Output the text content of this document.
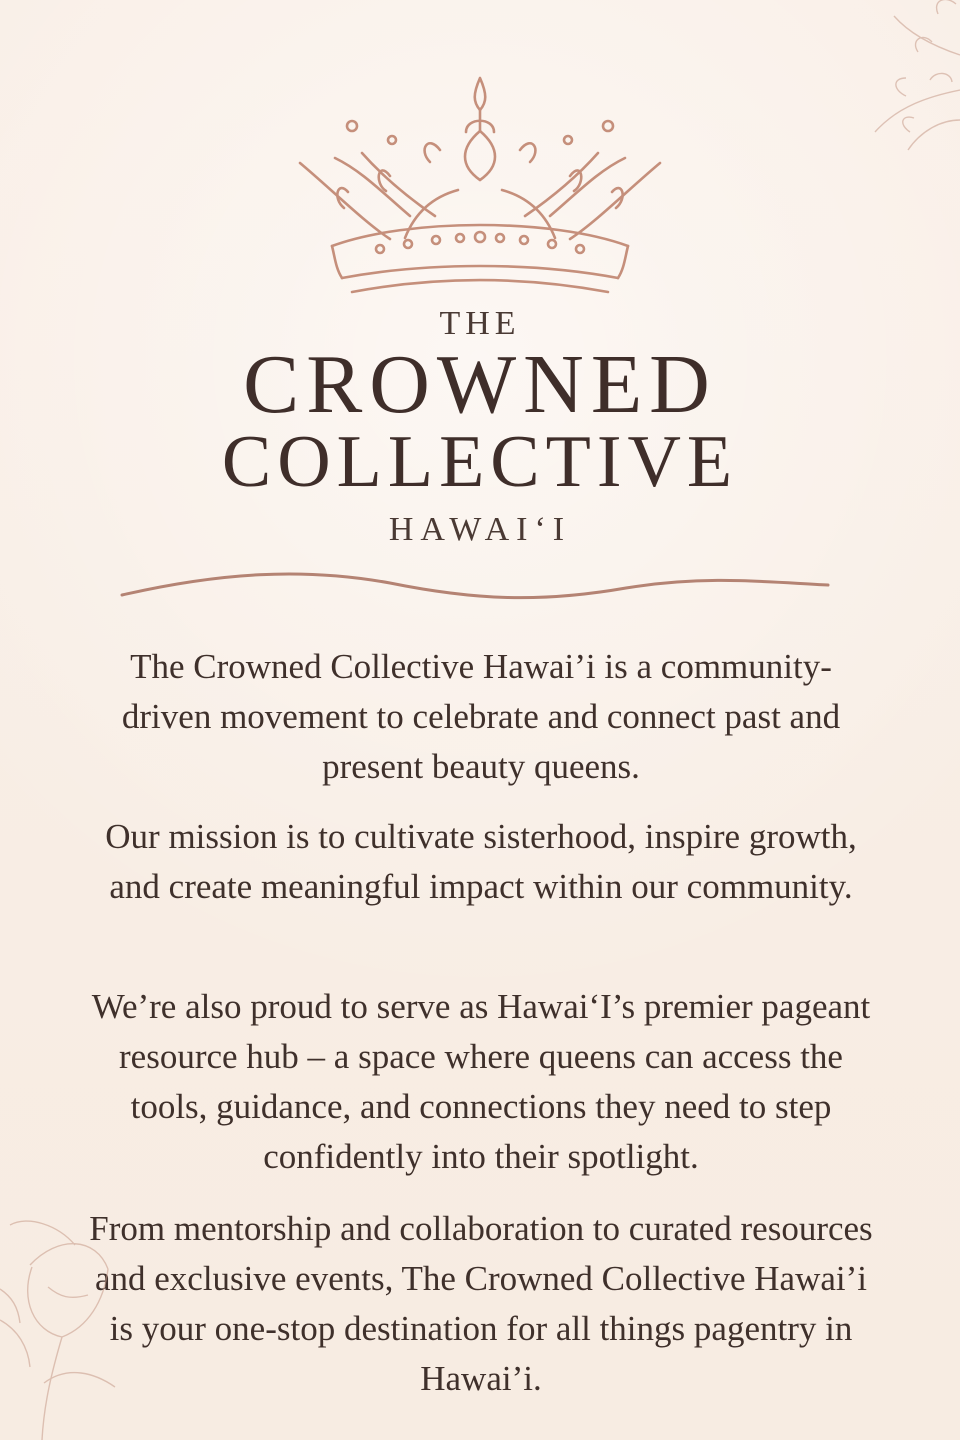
THE
CROWNED
COLLECTIVE
HAWAI‘I
The Crowned Collective Hawai’i is a community-driven movement to celebrate and connect past and present beauty queens.
Our mission is to cultivate sisterhood, inspire growth, and create meaningful impact within our community.
We’re also proud to serve as Hawai‘I’s premier pageant resource hub – a space where queens can access the tools, guidance, and connections they need to step confidently into their spotlight.
From mentorship and collaboration to curated resources and exclusive events, The Crowned Collective Hawai’i is your one-stop destination for all things pagentry in Hawai’i.
